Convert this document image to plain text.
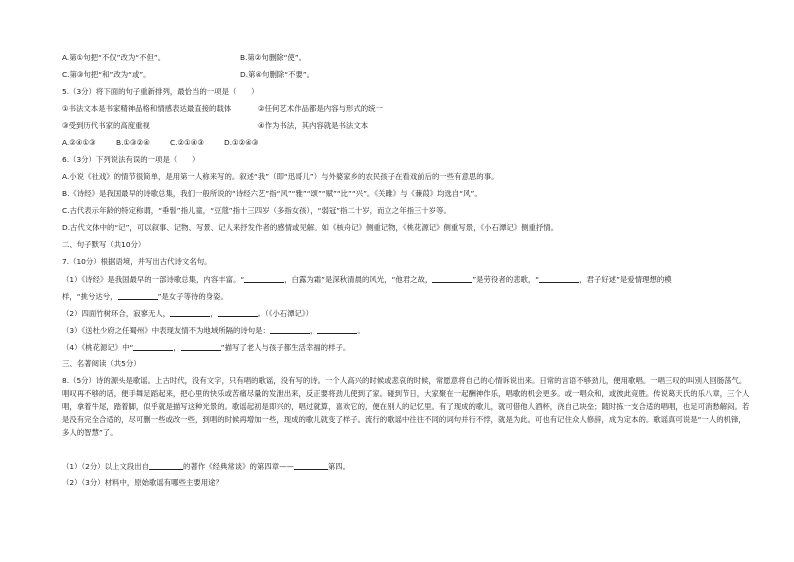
A.第①句把“不仅”改为“不但”。	B.第②句删除“使”。
C.第③句把“和”改为“或”。	D.第④句删除“不要”。
5.（3分）将下面的句子重新排列，最恰当的一项是（　　）
①书法文本是书家精神品格和情感表达最直接的载体	②任何艺术作品都是内容与形式的统一
③受到历代书家的高度重视	④作为书法，其内容就是书法文本
A.②④①③	B.①③②④	C.②①④③	D.①②④③
6.（3分）下列说法有误的一项是（　　）
A.小说《社戏》的情节很简单，是用第一人称来写的。叙述“我”（即“迅哥儿”）与外婆家乡的农民孩子在看戏前后的一些有意思的事。
B.《诗经》是我国最早的诗歌总集，我们一般所说的“诗经六艺”指“风”“雅”“颂”“赋”“比”“兴”。《关雎》与《蒹葭》均选自“风”。
C.古代表示年龄的特定称谓，“垂髫”指儿童，“豆蔻”指十三四岁（多指女孩），“弱冠”指二十岁，而立之年指三十岁等。
D.古代文体中的“记”，可以叙事、记物、写景、记人来抒发作者的感情或见解。如《核舟记》侧重记物，《桃花源记》侧重写景，《小石潭记》侧重抒情。
二、句子默写（共10分）
7.（10分）根据语境，并写出古代诗文名句。
（1）《诗经》是我国最早的一部诗歌总集，内容丰富。“	，白露为霜”是深秋清晨的风光，“他君之故，	”是劳役者的悲歌，“	，君子好逑”是爱情理想的模
样，“挑兮达兮，	”是女子等待的身姿。
（2）四面竹树环合，寂寥无人，	，	。（《小石潭记》）
（3）《送杜少府之任蜀州》中表现友情不为地域所隔的诗句是：	，	。
（4）《桃花源记》中“	，	”描写了老人与孩子都生活幸福的样子。
三、名著阅读（共5分）
8.（5分）诗的源头是歌谣。上古时代，没有文字，只有唱的歌谣，没有写的诗。一个人高兴的时候或悲哀的时候，常愿意将自己的心情诉说出来。日常的言语不够劲儿，便用歌唱。一唱三叹的叫別人回肠荡气。唱叹再不够的话，便手舞足蹈起来，把心里的快乐或苦痛尽量的发泄出来，反正要将劲儿使到了家。碰到节日，大家聚在一起酬神作乐，唱歌的机会更多。或一唱众和，或彼此竞胜。传说葛天氏的乐八章，三个人唱，拿着牛尾，踏着脚，似乎就是描写这种光景的。歌谣起初是即兴的，唱过就算，喜欢它的，便在别人的记忆里。有了现成的歌儿，就可借他人酒杯，浇自己块垒；随时拣一支合适的唱唱，也足可消愁解闷。若是没有完全合适的，尽可删一些或改一些，到唱的时候再增加一些，现成的歌儿就变了样子。流行的歌谣中往往不同的词句并行不悖，就是为此。可也有记住众人修辞，成为定本的。歌谣真可说是“一人的机锋，多人的智慧”了。
（1）（2分）以上文段出自	的著作《经典常谈》的第四章——	第四。
（2）（3分）材料中，原始歌谣有哪些主要用途？
